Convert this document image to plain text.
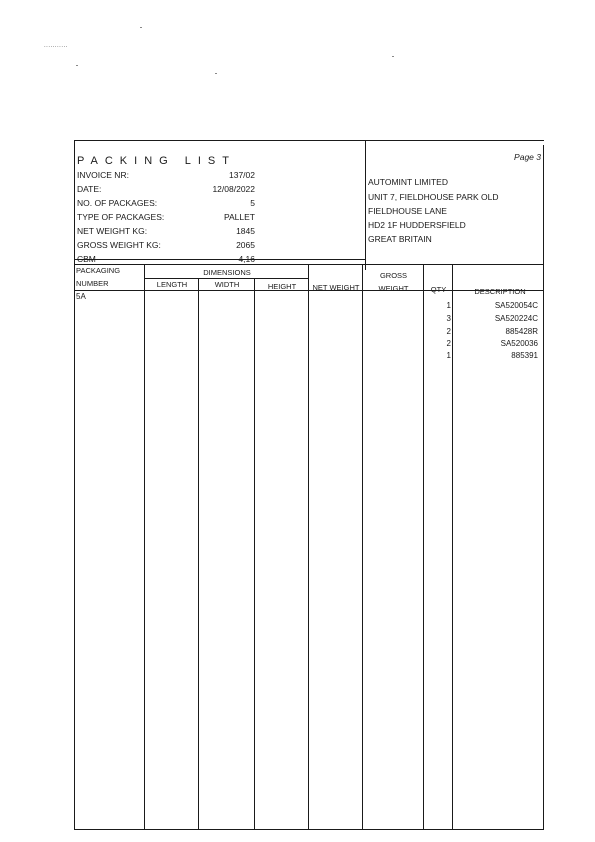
...........
PACKING LIST	Page 3
INVOICE NR:	137/02
DATE:	12/08/2022
NO. OF PACKAGES:	5
TYPE OF PACKAGES:	PALLET
NET WEIGHT KG:	1845
GROSS WEIGHT KG:	2065
CBM	4,16
AUTOMINT LIMITED
UNIT 7, FIELDHOUSE PARK OLD
FIELDHOUSE LANE
HD2 1F HUDDERSFIELD
GREAT BRITAIN
PACKAGING
NUMBER
DIMENSIONS
LENGTH	WIDTH	HEIGHT	NET WEIGHT
GROSS
WEIGHT	QTY	DESCRIPTION
5A
1	SA520054C
3	SA520224C
2	885428R
2	SA520036
1	885391
